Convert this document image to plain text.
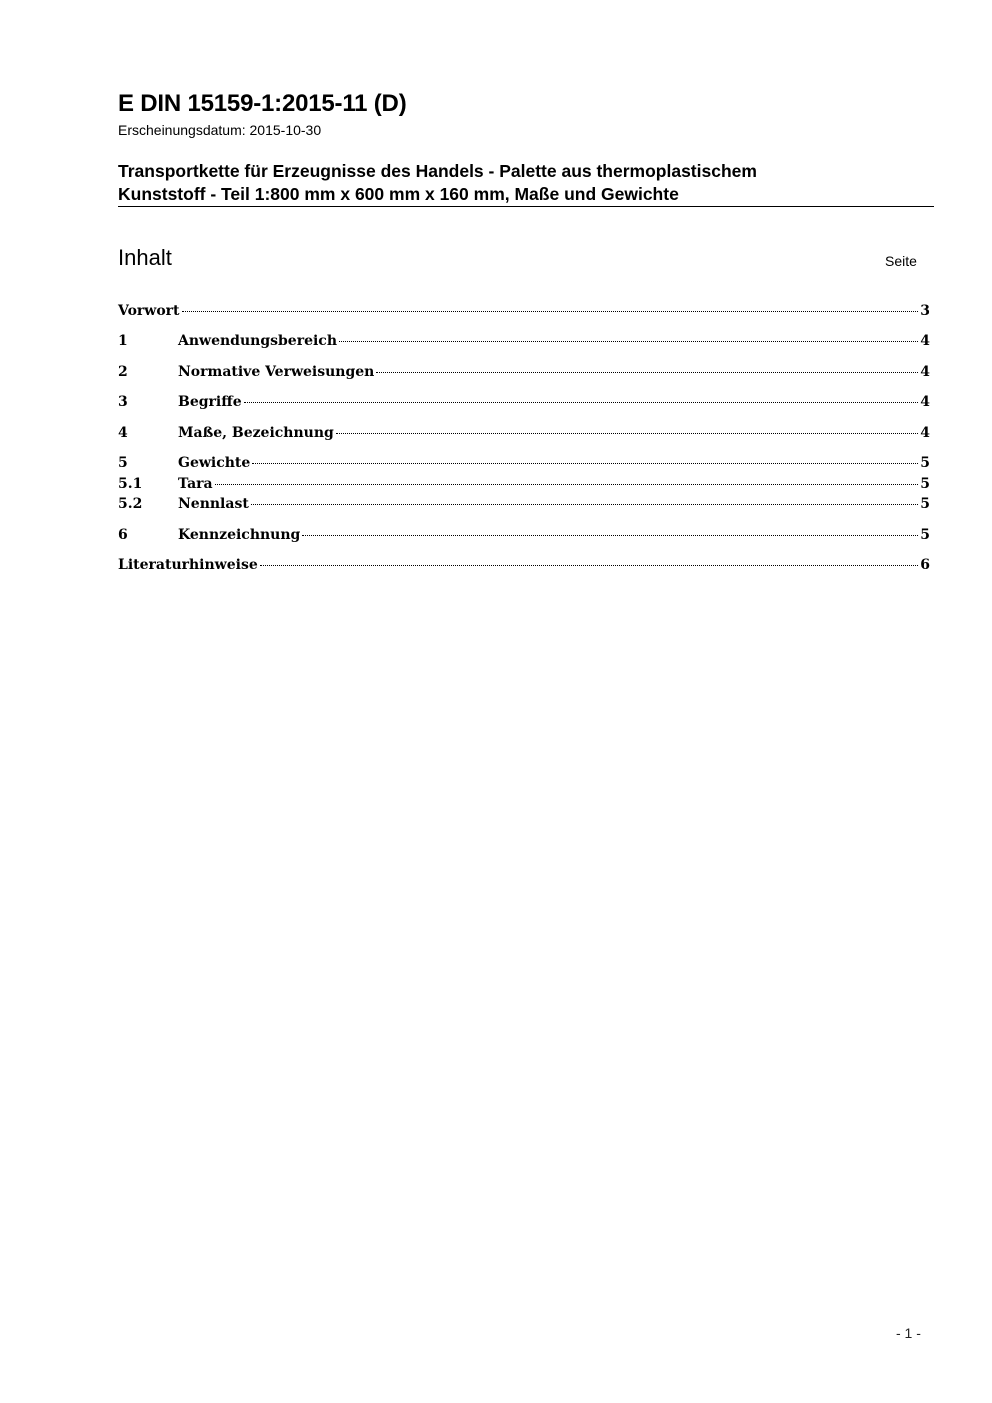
E DIN 15159-1:2015-11 (D)
Erscheinungsdatum: 2015-10-30
Transportkette für Erzeugnisse des Handels - Palette aus thermoplastischem
Kunststoff - Teil 1:800 mm x 600 mm x 160 mm, Maße und Gewichte
Inhalt	Seite
Vorwort	3
1	Anwendungsbereich	4
2	Normative Verweisungen	4
3	Begriffe	4
4	Maße, Bezeichnung	4
5	Gewichte	5
5.1	Tara	5
5.2	Nennlast	5
6	Kennzeichnung	5
Literaturhinweise	6
- 1 -
